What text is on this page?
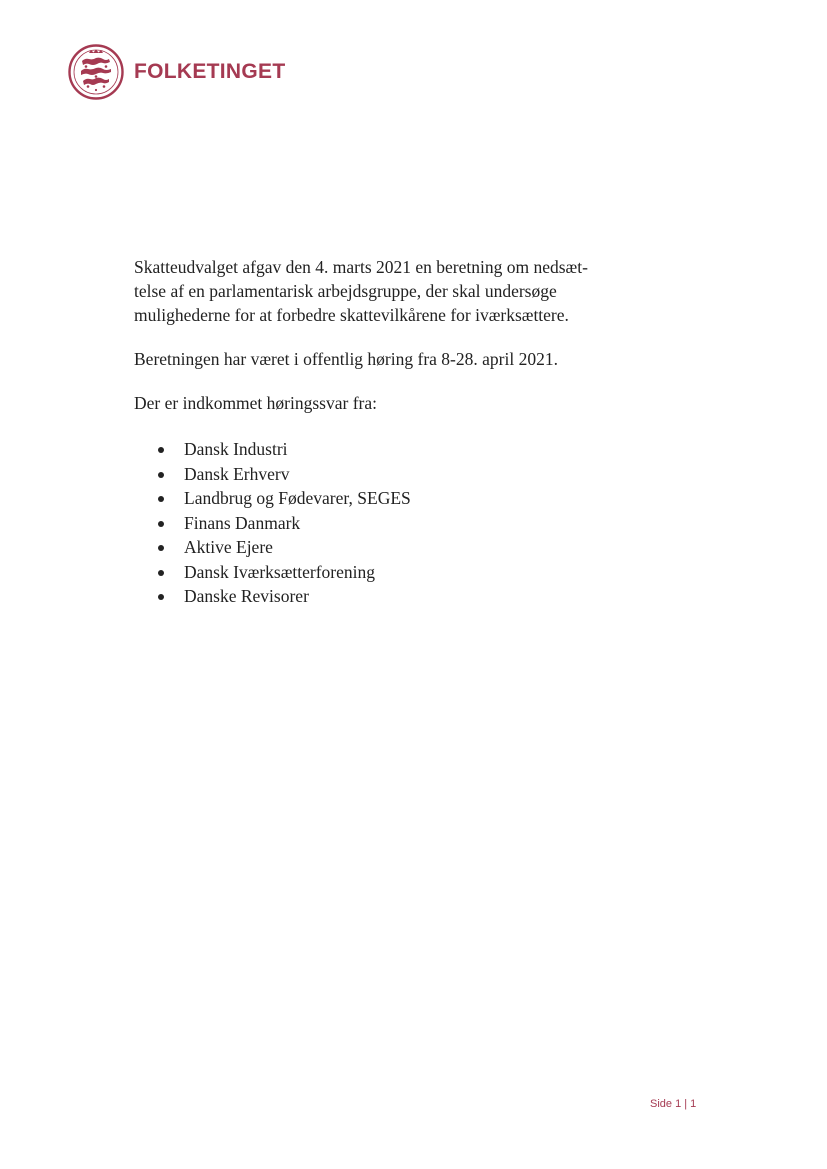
FOLKETINGET

Skatteudvalget afgav den 4. marts 2021 en beretning om nedsæt-
telse af en parlamentarisk arbejdsgruppe, der skal undersøge
mulighederne for at forbedre skattevilkårene for iværksættere.

Beretningen har været i offentlig høring fra 8-28. april 2021.

Der er indkommet høringssvar fra:

Dansk Industri
Dansk Erhverv
Landbrug og Fødevarer, SEGES
Finans Danmark
Aktive Ejere
Dansk Iværksætterforening
Danske Revisorer
Side 1 | 1
